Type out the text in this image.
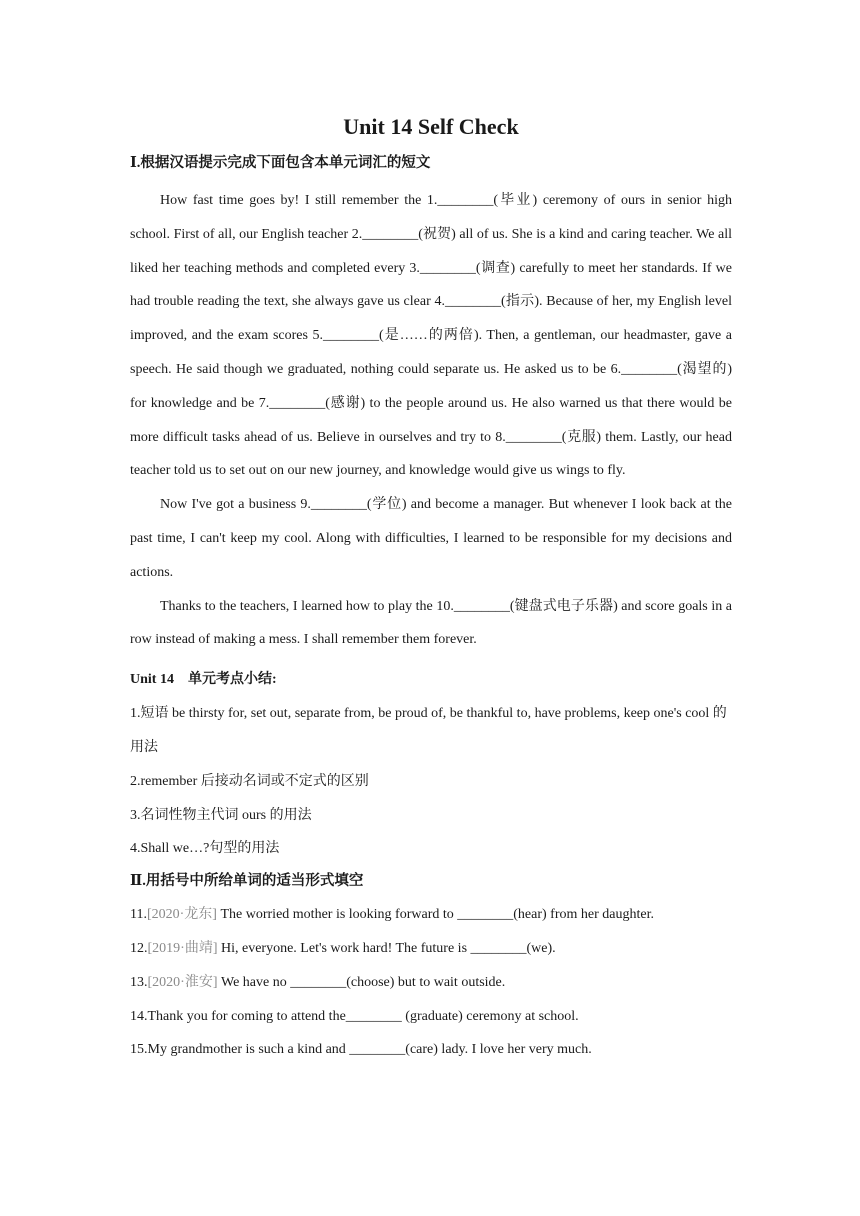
Unit 14 Self Check
Ⅰ.根据汉语提示完成下面包含本单元词汇的短文

How fast time goes by! I still remember the 1.________(毕业) ceremony of ours in senior high school. First of all, our English teacher 2.________(祝贺) all of us. She is a kind and caring teacher. We all liked her teaching methods and completed every 3.________(调查) carefully to meet her standards. If we had trouble reading the text, she always gave us clear 4.________(指示). Because of her, my English level improved, and the exam scores 5.________(是……的两倍). Then, a gentleman, our headmaster, gave a speech. He said though we graduated, nothing could separate us. He asked us to be 6.________(渴望的) for knowledge and be 7.________(感谢) to the people around us. He also warned us that there would be more difficult tasks ahead of us. Believe in ourselves and try to 8.________(克服) them. Lastly, our head teacher told us to set out on our new journey, and knowledge would give us wings to fly.

Now I've got a business 9.________(学位) and become a manager. But whenever I look back at the past time, I can't keep my cool. Along with difficulties, I learned to be responsible for my decisions and actions.

Thanks to the teachers, I learned how to play the 10.________(键盘式电子乐器) and score goals in a row instead of making a mess. I shall remember them forever.

Unit 14　单元考点小结:

1.短语 be thirsty for, set out, separate from, be proud of, be thankful to, have problems, keep one's cool 的用法

2.remember 后接动名词或不定式的区别

3.名词性物主代词 ours 的用法

4.Shall we…?句型的用法

Ⅱ.用括号中所给单词的适当形式填空

11.[2020·龙东] The worried mother is looking forward to ________(hear) from her daughter.

12.[2019·曲靖] Hi, everyone. Let's work hard! The future is ________(we).

13.[2020·淮安] We have no ________(choose) but to wait outside.

14.Thank you for coming to attend the________ (graduate) ceremony at school.

15.My grandmother is such a kind and ________(care) lady. I love her very much.
